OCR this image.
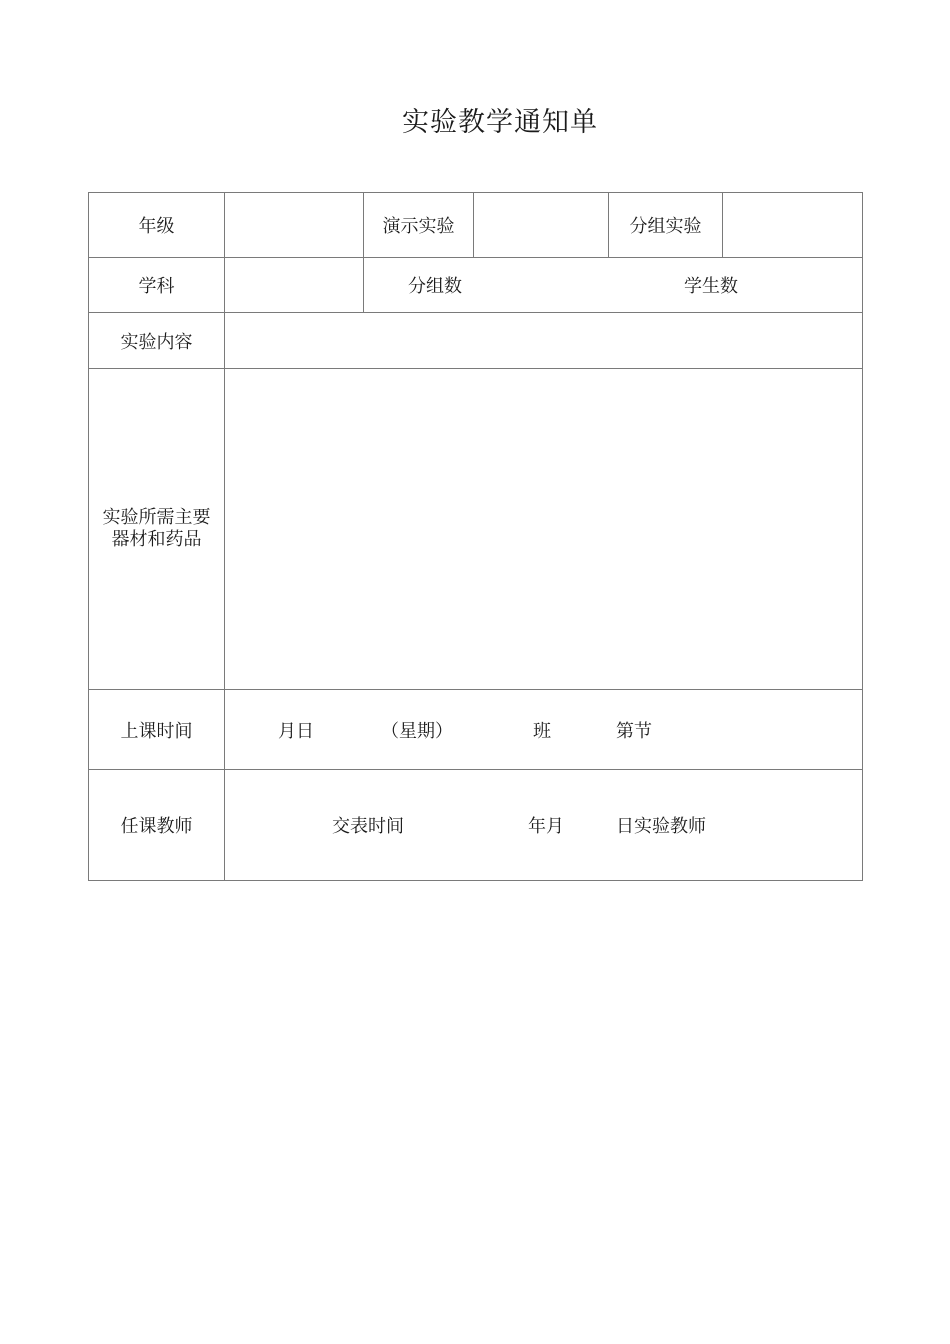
实验教学通知单
年级		演示实验		分组实验	
学科		分组数 学生数			

实验内容					

实验所需主要
器材和药品					

上课时间	月日 （星期） 班 第节				

任课教师	交表时间 年月 日实验教师				
